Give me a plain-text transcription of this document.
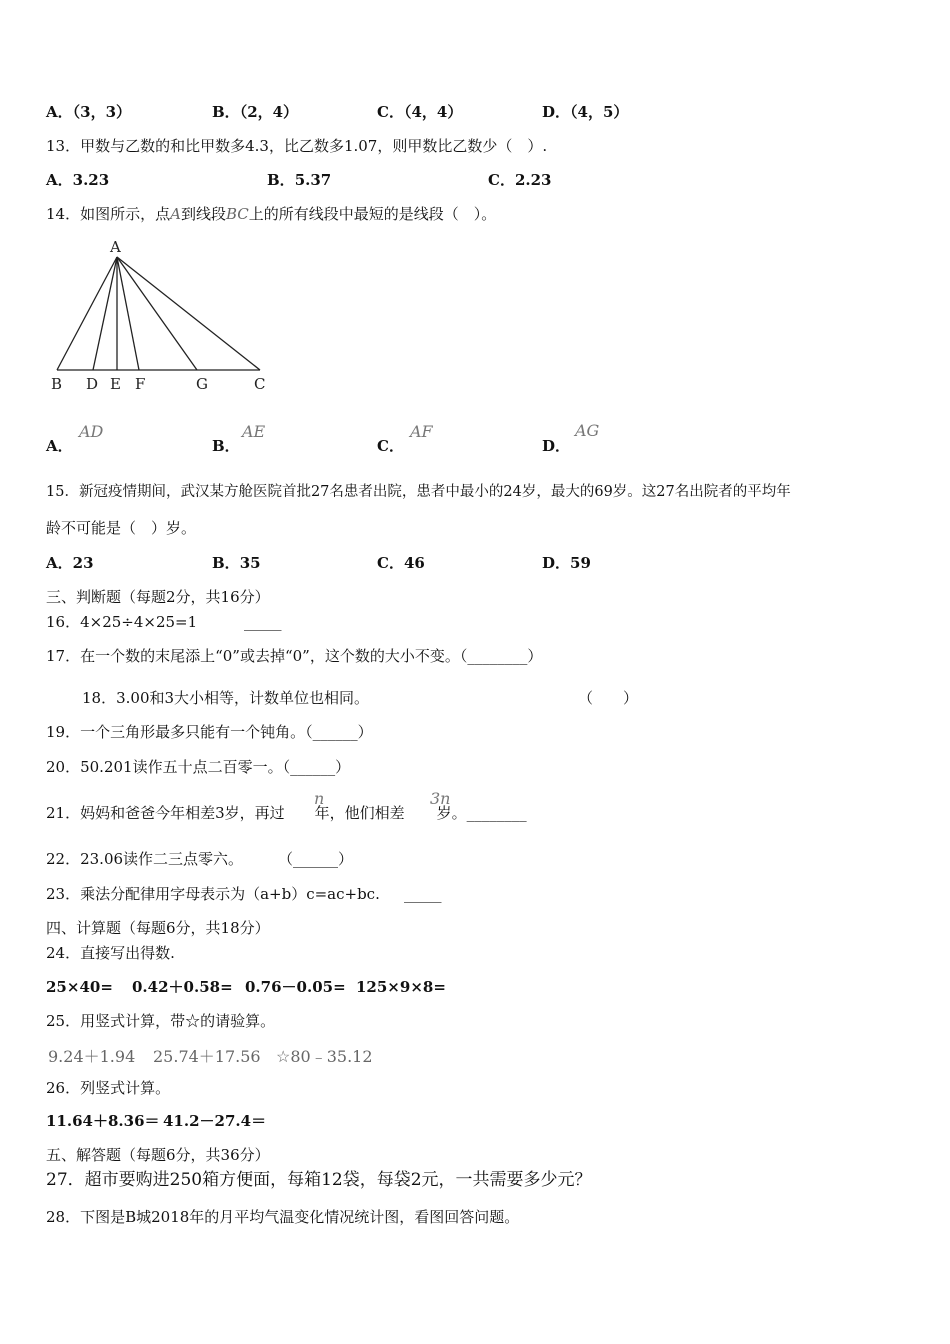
A．（3，3）	B．（2，4）	C．（4，4）	D．（4，5）
13．甲数与乙数的和比甲数多4.3，比乙数多1.07，则甲数比乙数少（　）.
A．3.23	B．5.37	C．2.23
14．如图所示，点A到线段BC上的所有线段中最短的是线段（　）。
A
B D E F	G	C
A．
AD
B．
AE
C．
AF
D．
AG
15．新冠疫情期间，武汉某方舱医院首批27名患者出院，患者中最小的24岁，最大的69岁。这27名出院者的平均年
龄不可能是（　）岁。
A．23	B．35	C．46	D．59
三、判断题（每题2分，共16分）
16．4×25÷4×25=1	_____
17．在一个数的末尾添上“0”或去掉“0”，这个数的大小不变。（________）
18．3.00和3大小相等，计数单位也相同。	（　　）
19．一个三角形最多只能有一个钝角。（______）
20．50.201读作五十点二百零一。（______）
21．妈妈和爸爸今年相差3岁，再过 年，他们相差 岁。________
n	3n
22．23.06读作二三点零六。 （______）
23．乘法分配律用字母表示为（a+b）c=ac+bc. _____
四、计算题（每题6分，共18分）
24．直接写出得数.
25×40= 0.42＋0.58= 0.76－0.05= 125×9×8=
25．用竖式计算，带☆的请验算。
9.24＋1.94 25.74＋17.56 ☆80﹣35.12
26．列竖式计算。
11.64＋8.36＝ 41.2－27.4＝
五、解答题（每题6分，共36分）
27．超市要购进250箱方便面，每箱12袋，每袋2元，一共需要多少元？
28．下图是B城2018年的月平均气温变化情况统计图，看图回答问题。
